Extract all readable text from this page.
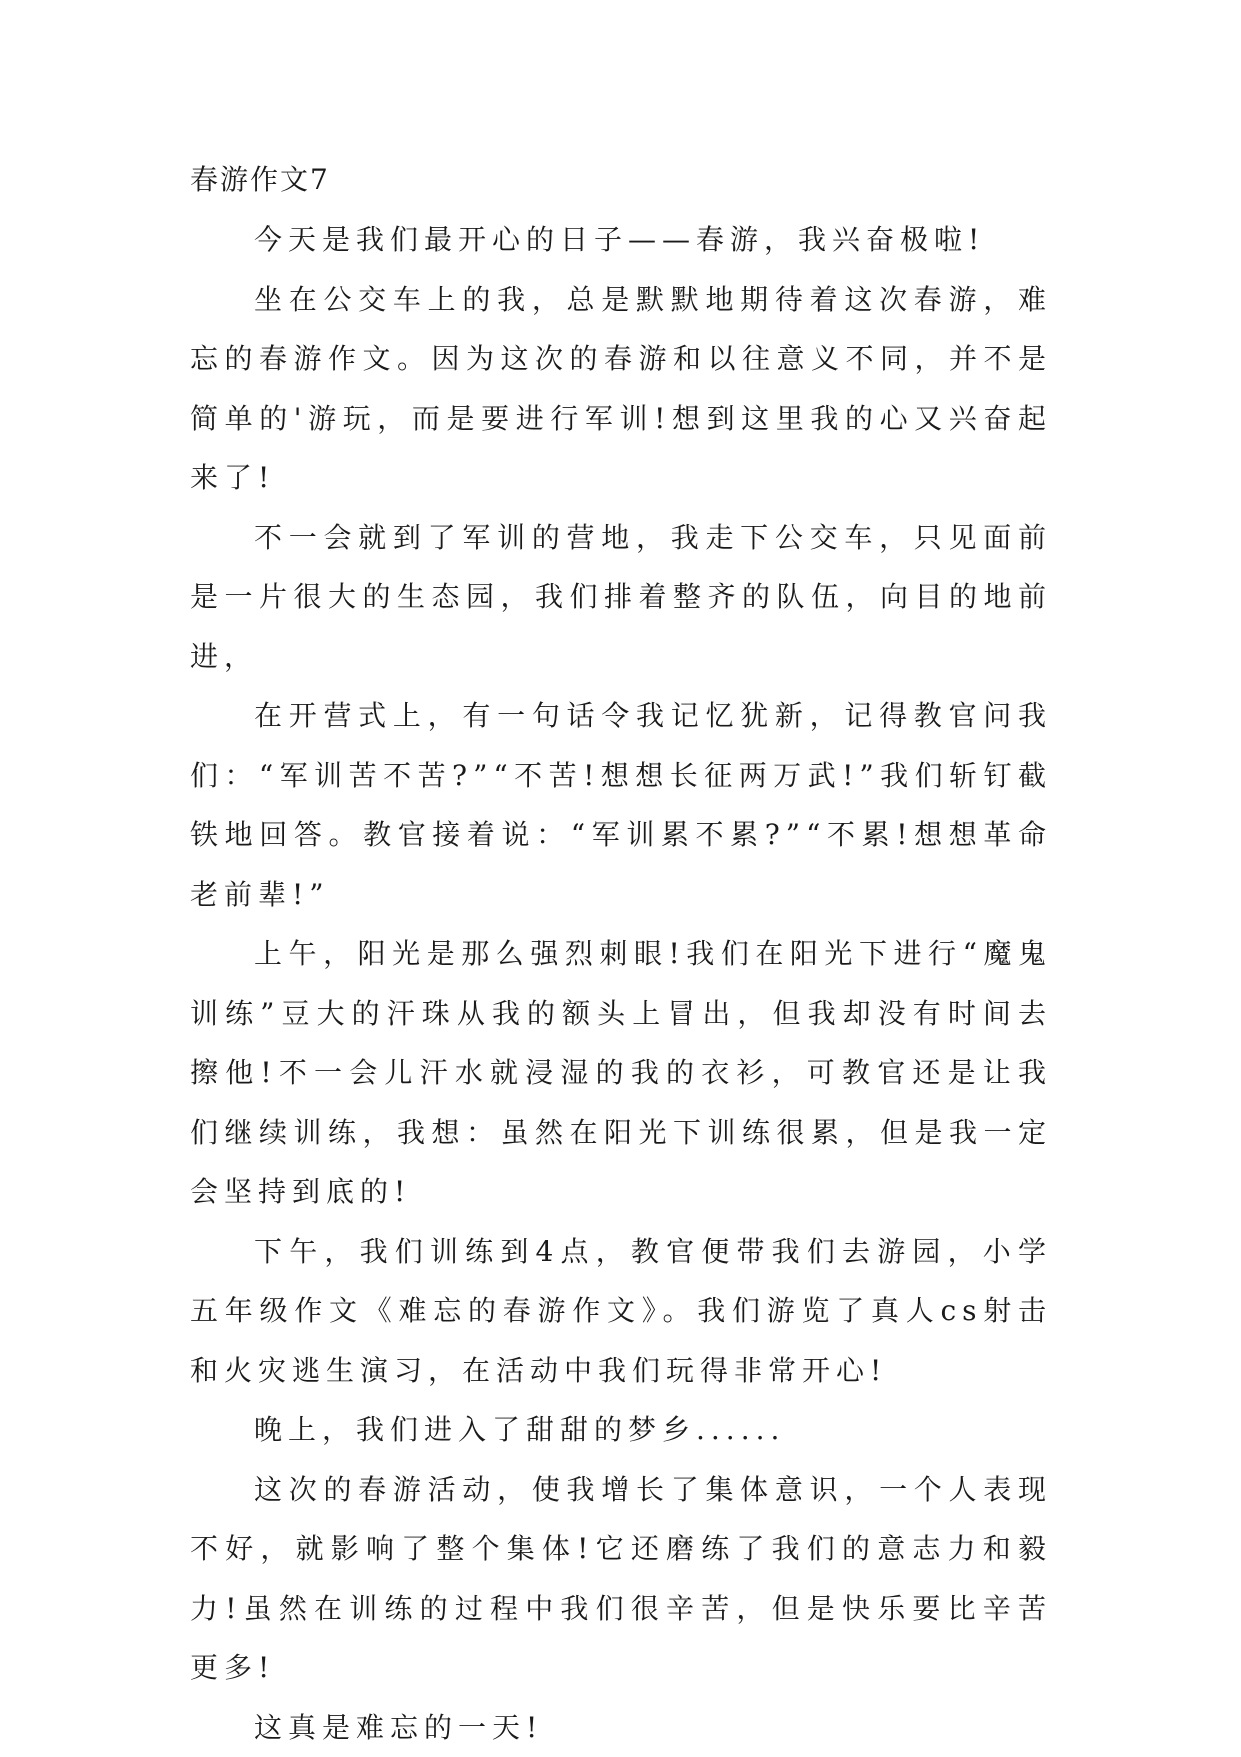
春游作文7

今天是我们最开心的日子——春游，我兴奋极啦!

坐在公交车上的我，总是默默地期待着这次春游，难忘的春游作文。因为这次的春游和以往意义不同，并不是简单的'游玩，而是要进行军训!想到这里我的心又兴奋起来了!

不一会就到了军训的营地，我走下公交车，只见面前是一片很大的生态园，我们排着整齐的队伍，向目的地前进，

在开营式上，有一句话令我记忆犹新，记得教官问我们：“军训苦不苦?”“不苦!想想长征两万武!”我们斩钉截铁地回答。教官接着说：“军训累不累?”“不累!想想革命老前辈!”

上午，阳光是那么强烈刺眼!我们在阳光下进行“魔鬼训练”豆大的汗珠从我的额头上冒出，但我却没有时间去擦他!不一会儿汗水就浸湿的我的衣衫，可教官还是让我们继续训练，我想：虽然在阳光下训练很累，但是我一定会坚持到底的!

下午，我们训练到4点，教官便带我们去游园，小学五年级作文《难忘的春游作文》。我们游览了真人cs射击和火灾逃生演习，在活动中我们玩得非常开心!

晚上，我们进入了甜甜的梦乡......

这次的春游活动，使我增长了集体意识，一个人表现不好，就影响了整个集体!它还磨练了我们的意志力和毅力!虽然在训练的过程中我们很辛苦，但是快乐要比辛苦更多!

这真是难忘的一天!
